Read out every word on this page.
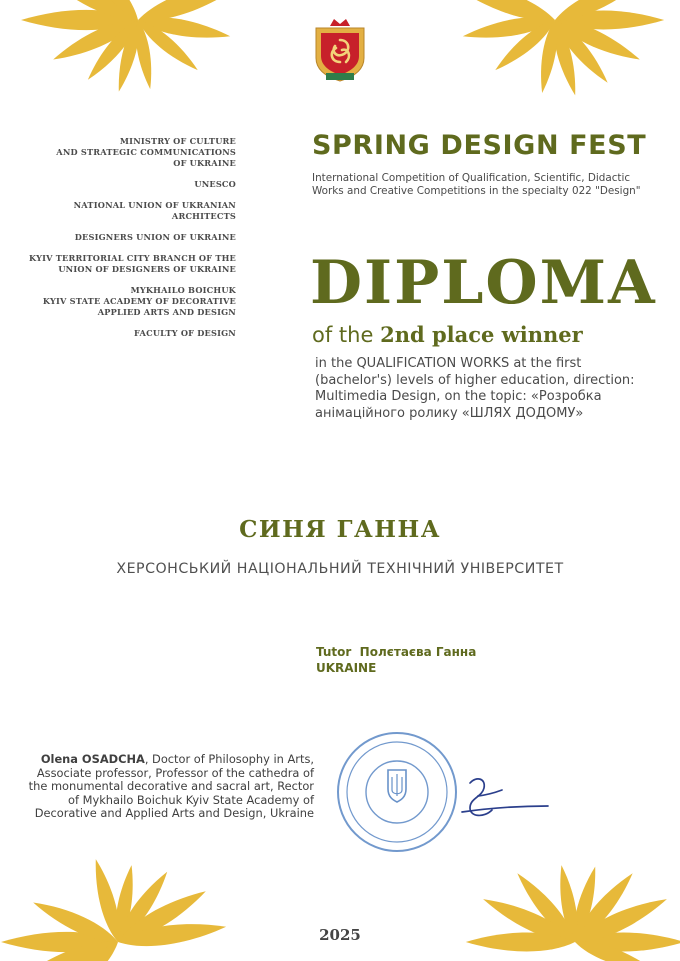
MINISTRY OF CULTURE
AND STRATEGIC COMMUNICATIONS
OF UKRAINE
UNESCO
NATIONAL UNION OF UKRANIAN
ARCHITECTS
DESIGNERS UNION OF UKRAINE
KYIV TERRITORIAL CITY BRANCH OF THE
UNION OF DESIGNERS OF UKRAINE
MYKHAILO BOICHUK
KYIV STATE ACADEMY OF DECORATIVE
APPLIED ARTS AND DESIGN
FACULTY OF DESIGN
SPRING DESIGN FEST
International Competition of Qualification, Scientific, Didactic Works and Creative Competitions in the specialty 022 "Design"
DIPLOMA
of the 2nd place winner
in the QUALIFICATION WORKS at the first (bachelor's) levels of higher education, direction: Multimedia Design, on the topic: «Розробка анімаційного ролику «ШЛЯХ ДОДОМУ»
СИНЯ ГАННА
ХЕРСОНСЬКИЙ НАЦІОНАЛЬНИЙ ТЕХНІЧНИЙ УНІВЕРСИТЕТ
Tutor Полєтаєва Ганна
UKRAINE
Olena OSADCHA, Doctor of Philosophy in Arts, Associate professor, Professor of the cathedra of the monumental decorative and sacral art, Rector of Mykhailo Boichuk Kyiv State Academy of Decorative and Applied Arts and Design, Ukraine
2025
